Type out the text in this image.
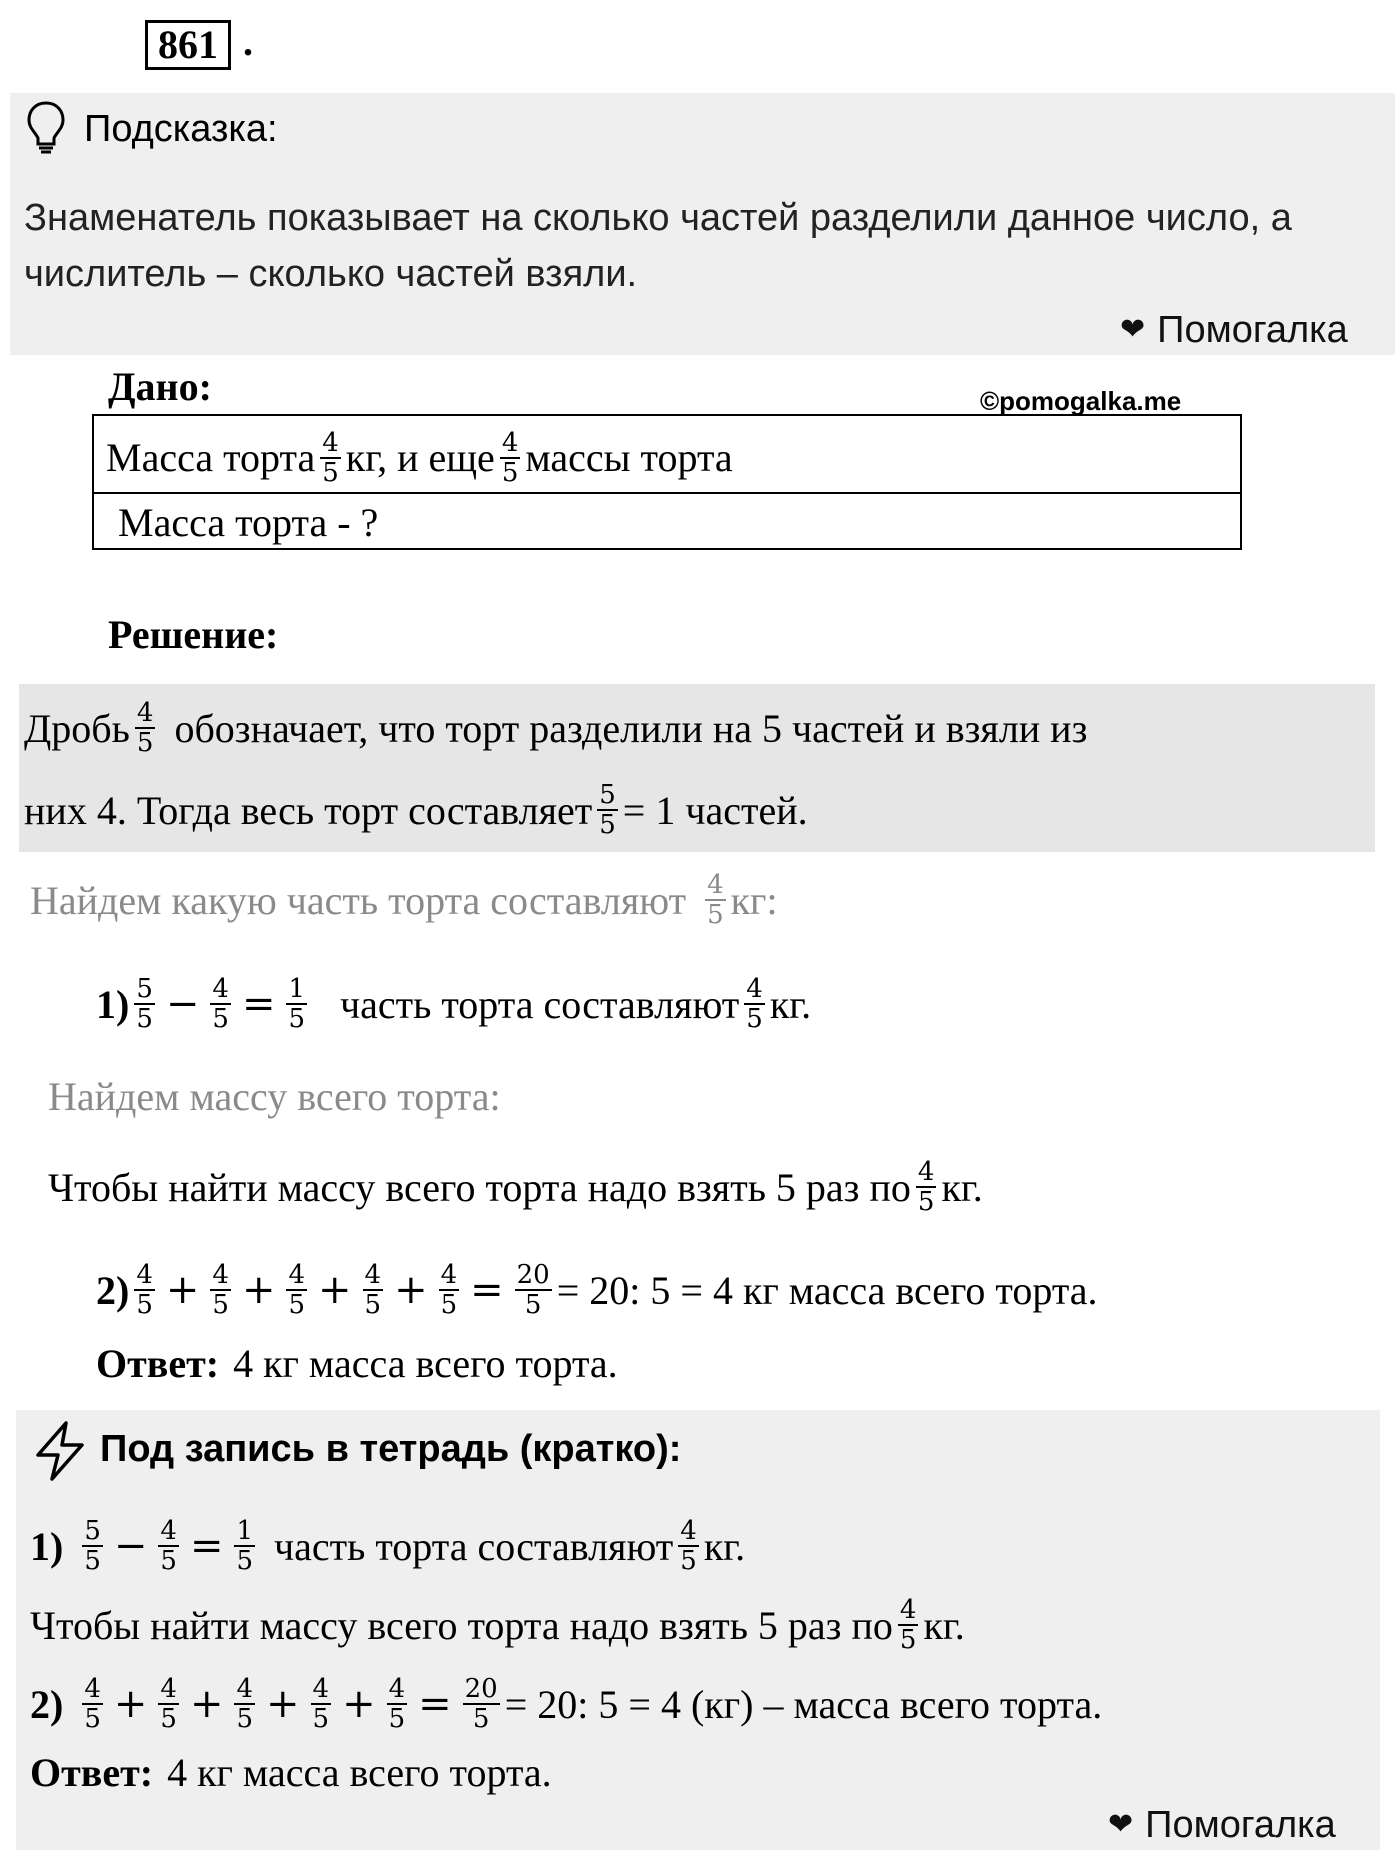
861 .
Подсказка:
Знаменатель показывает на сколько частей разделили данное число, а числитель – сколько частей взяли.
❤ Помогалка
Дано:	©pomogalka.me
Масса торта $\frac{4}{5}$ кг, и еще $\frac{4}{5}$ массы торта
Масса торта - ?
Решение:
Дробь $\frac{4}{5}$ обозначает, что торт разделили на 5 частей и взяли из
них 4. Тогда весь торт составляет $\frac{5}{5} = 1$ частей.
Найдем какую часть торта составляют $\frac{4}{5}$ кг:
$1) \frac{5}{5} - \frac{4}{5} = \frac{1}{5}$ часть торта составляют $\frac{4}{5}$ кг.
Найдем массу всего торта:
Чтобы найти массу всего торта надо взять 5 раз по $\frac{4}{5}$ кг.
$2) \frac{4}{5} + \frac{4}{5} + \frac{4}{5} + \frac{4}{5} + \frac{4}{5} = \frac{20}{5} = 20$: 5 = 4 кг масса всего торта.
Ответ: 4 кг масса всего торта.
Под запись в тетрадь (кратко):
$1) \frac{5}{5} - \frac{4}{5} = \frac{1}{5}$ часть торта составляют $\frac{4}{5}$ кг.
Чтобы найти массу всего торта надо взять 5 раз по $\frac{4}{5}$ кг.
$2) \frac{4}{5} + \frac{4}{5} + \frac{4}{5} + \frac{4}{5} + \frac{4}{5} = \frac{20}{5} = 20$: 5 = 4 (кг) – масса всего торта.
Ответ: 4 кг масса всего торта.
❤ Помогалка
